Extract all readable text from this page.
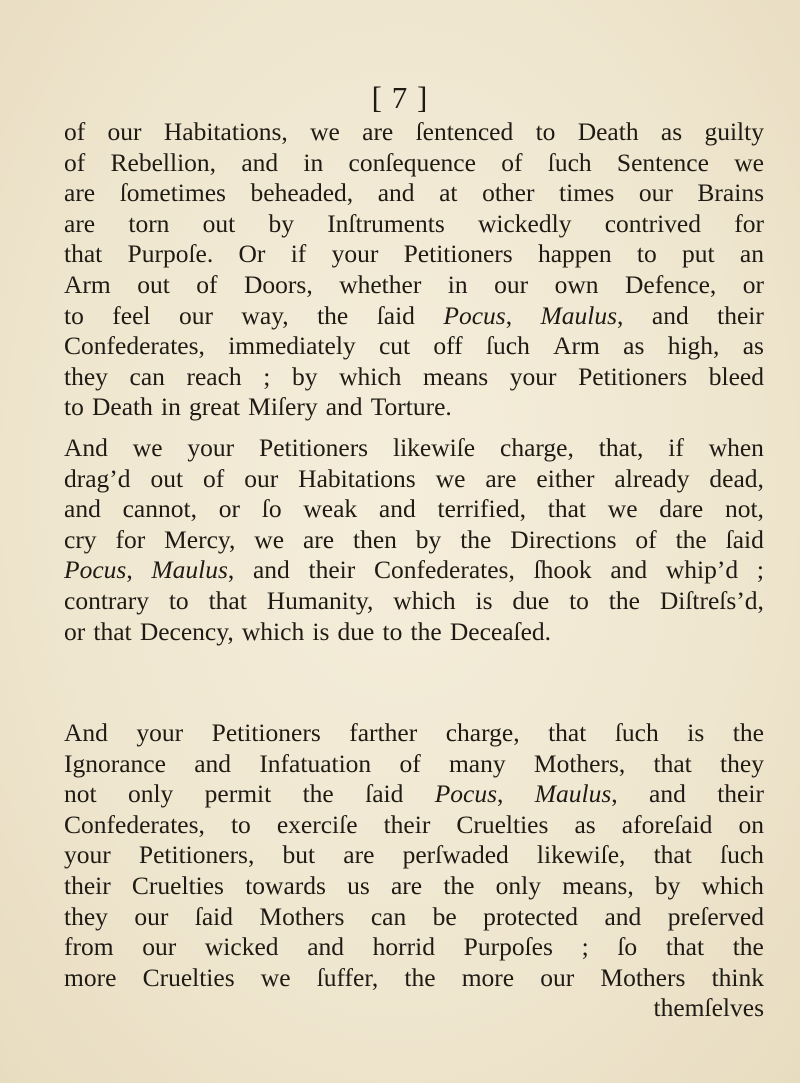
[ 7 ]
of our Habitations, we are ſentenced to Death as guilty
of Rebellion, and in conſequence of ſuch Sentence we
are ſometimes beheaded, and at other times our Brains
are torn out by Inſtruments wickedly contrived for
that Purpoſe. Or if your Petitioners happen to put an
Arm out of Doors, whether in our own Defence, or
to feel our way, the ſaid Pocus, Maulus, and their
Confederates, immediately cut off ſuch Arm as high, as
they can reach ; by which means your Petitioners bleed
to Death in great Miſery and Torture.
And we your Petitioners likewiſe charge, that, if when
drag’d out of our Habitations we are either already dead,
and cannot, or ſo weak and terrified, that we dare not,
cry for Mercy, we are then by the Directions of the ſaid
Pocus, Maulus, and their Confederates, ſhook and whip’d ;
contrary to that Humanity, which is due to the Diſtreſs’d,
or that Decency, which is due to the Deceaſed.
And your Petitioners farther charge, that ſuch is the
Ignorance and Infatuation of many Mothers, that they
not only permit the ſaid Pocus, Maulus, and their
Confederates, to exerciſe their Cruelties as aforeſaid on
your Petitioners, but are perſwaded likewiſe, that ſuch
their Cruelties towards us are the only means, by which
they our ſaid Mothers can be protected and preſerved
from our wicked and horrid Purpoſes ; ſo that the
more Cruelties we ſuffer, the more our Mothers think
themſelves
